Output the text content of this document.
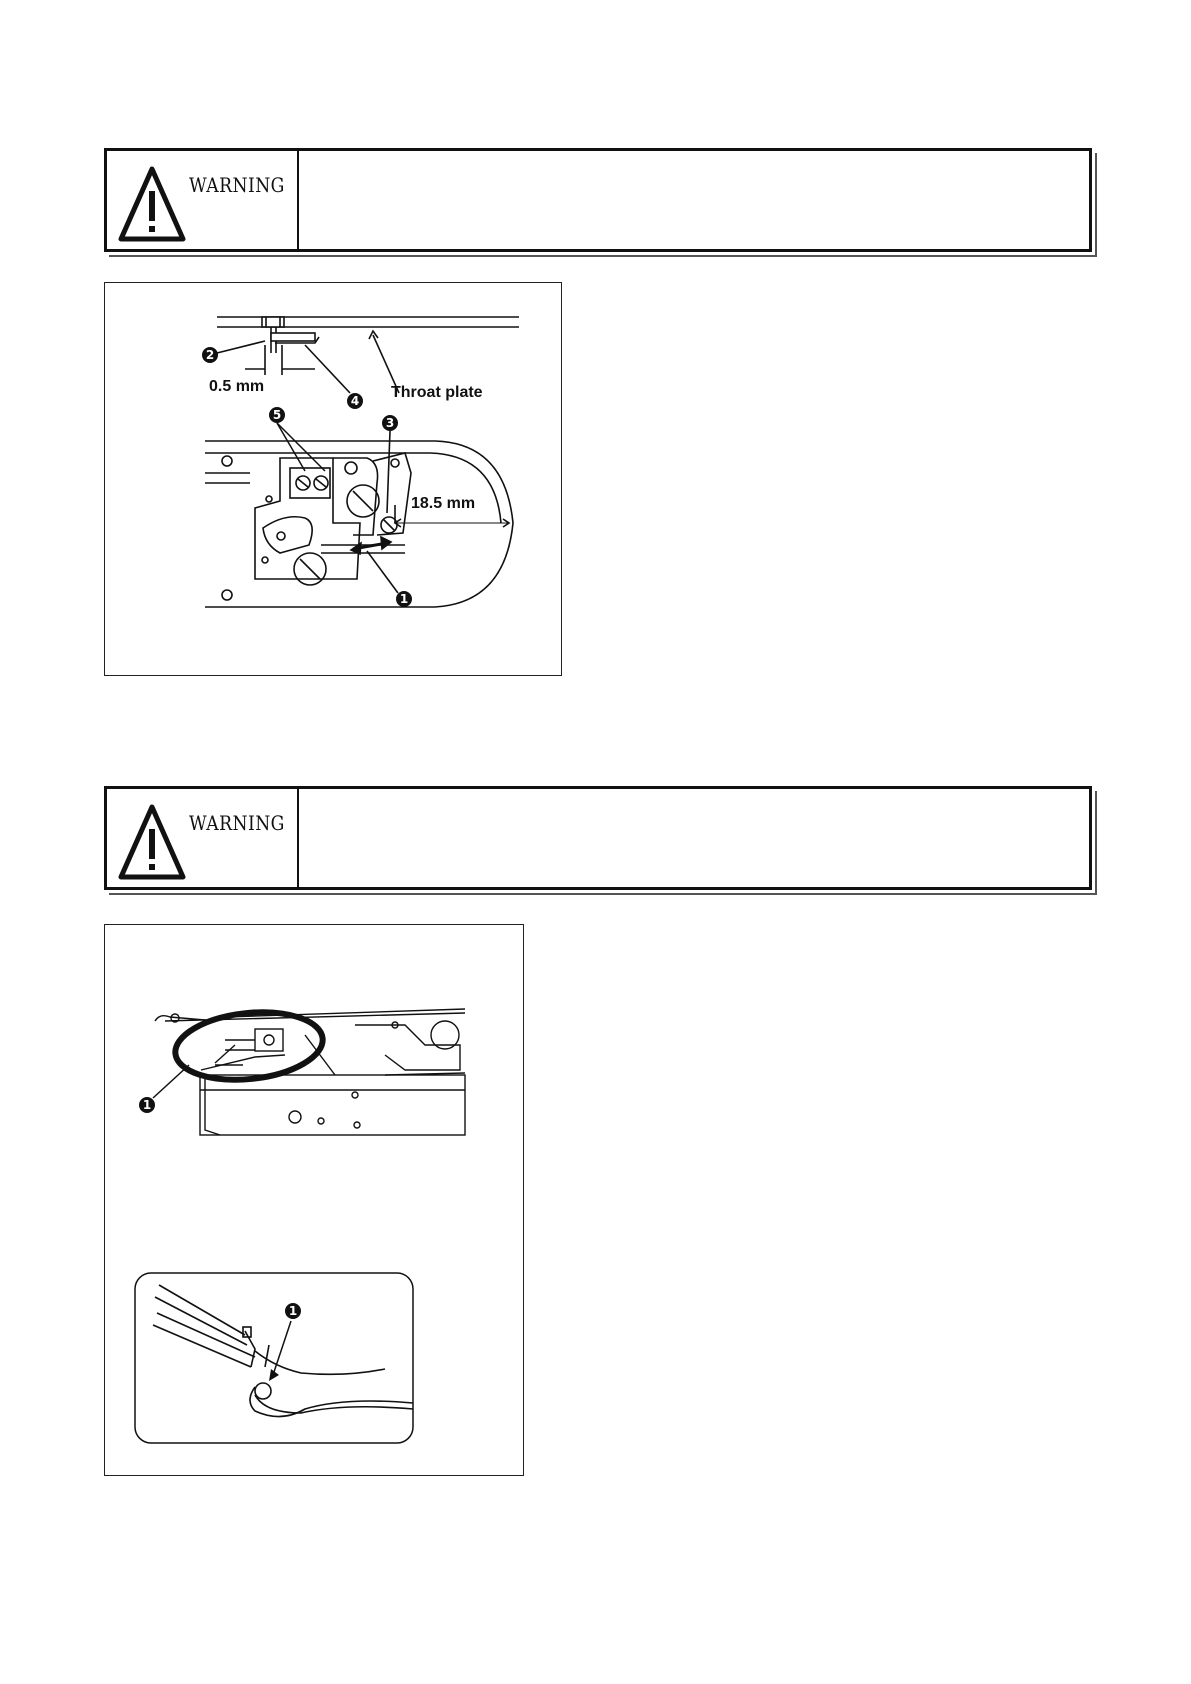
WARNING
2
0.5 mm
4 Throat plate
5
3
18.5 mm
1
WARNING
1
1
